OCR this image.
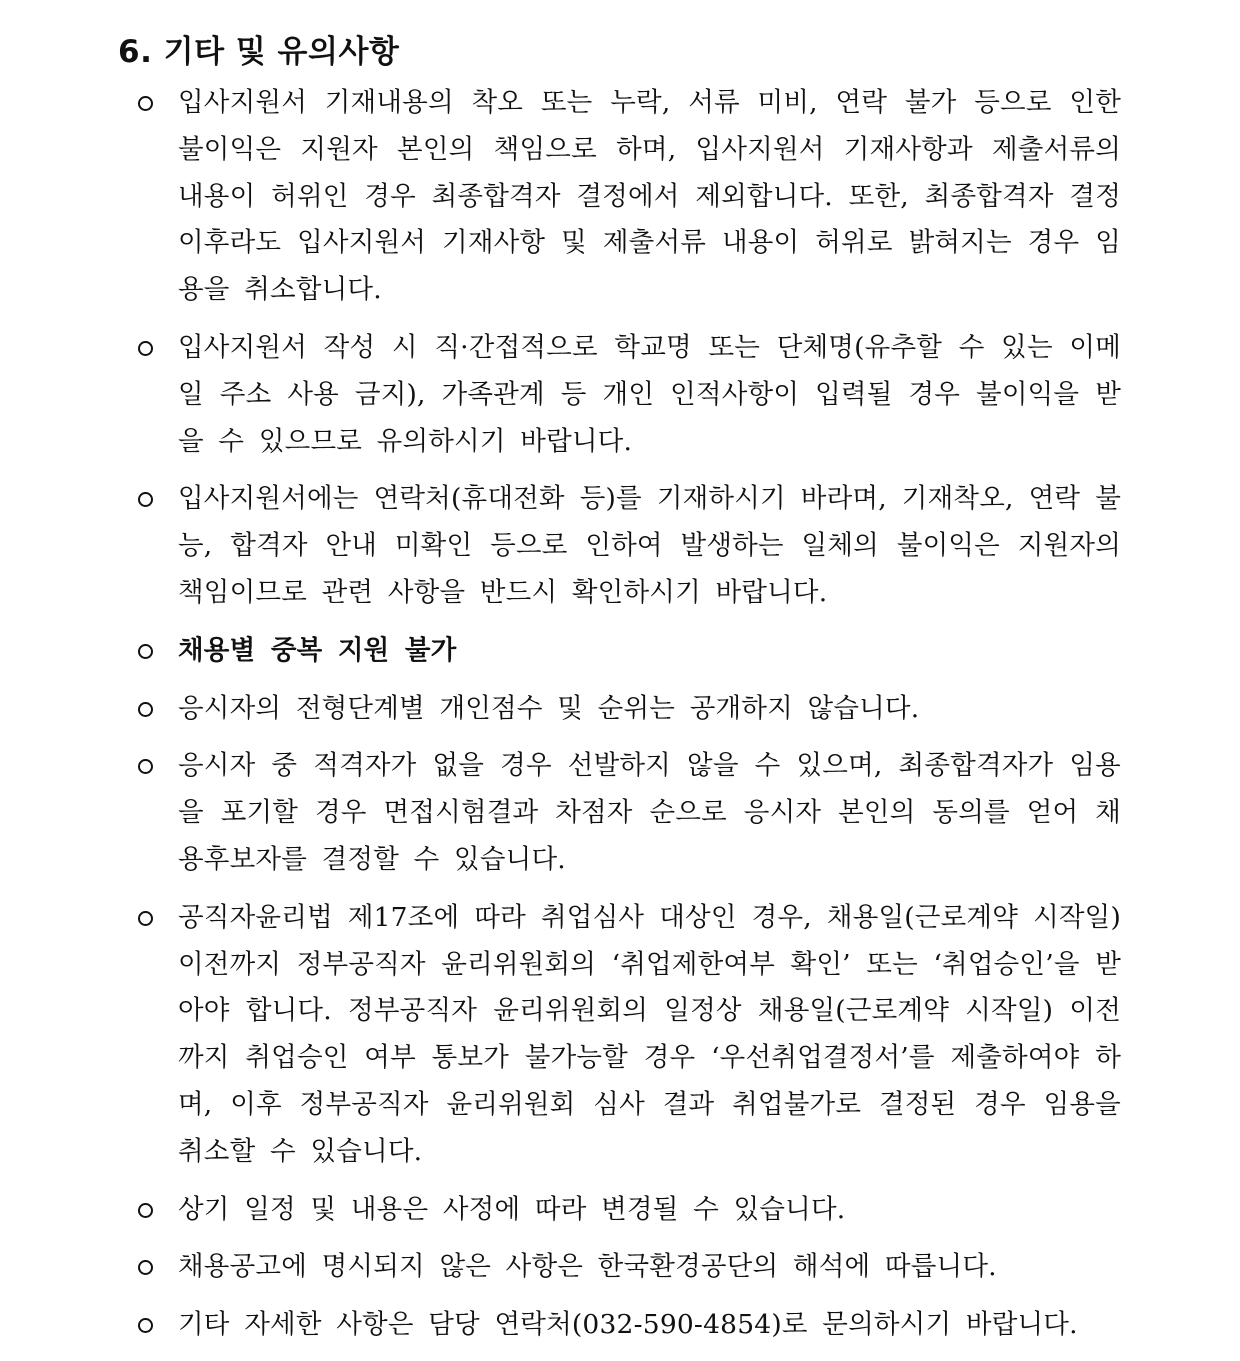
6. 기타 및 유의사항
입사지원서 기재내용의 착오 또는 누락, 서류 미비, 연락 불가 등으로 인한 불이익은 지원자 본인의 책임으로 하며, 입사지원서 기재사항과 제출서류의 내용이 허위인 경우 최종합격자 결정에서 제외합니다. 또한, 최종합격자 결정 이후라도 입사지원서 기재사항 및 제출서류 내용이 허위로 밝혀지는 경우 임용을 취소합니다.
입사지원서 작성 시 직·간접적으로 학교명 또는 단체명(유추할 수 있는 이메일 주소 사용 금지), 가족관계 등 개인 인적사항이 입력될 경우 불이익을 받을 수 있으므로 유의하시기 바랍니다.
입사지원서에는 연락처(휴대전화 등)를 기재하시기 바라며, 기재착오, 연락 불능, 합격자 안내 미확인 등으로 인하여 발생하는 일체의 불이익은 지원자의 책임이므로 관련 사항을 반드시 확인하시기 바랍니다.
채용별 중복 지원 불가
응시자의 전형단계별 개인점수 및 순위는 공개하지 않습니다.
응시자 중 적격자가 없을 경우 선발하지 않을 수 있으며, 최종합격자가 임용을 포기할 경우 면접시험결과 차점자 순으로 응시자 본인의 동의를 얻어 채용후보자를 결정할 수 있습니다.
공직자윤리법 제17조에 따라 취업심사 대상인 경우, 채용일(근로계약 시작일) 이전까지 정부공직자 윤리위원회의 ‘취업제한여부 확인’ 또는 ‘취업승인’을 받아야 합니다. 정부공직자 윤리위원회의 일정상 채용일(근로계약 시작일) 이전까지 취업승인 여부 통보가 불가능할 경우 ‘우선취업결정서’를 제출하여야 하며, 이후 정부공직자 윤리위원회 심사 결과 취업불가로 결정된 경우 임용을 취소할 수 있습니다.
상기 일정 및 내용은 사정에 따라 변경될 수 있습니다.
채용공고에 명시되지 않은 사항은 한국환경공단의 해석에 따릅니다.
기타 자세한 사항은 담당 연락처(032-590-4854)로 문의하시기 바랍니다.
